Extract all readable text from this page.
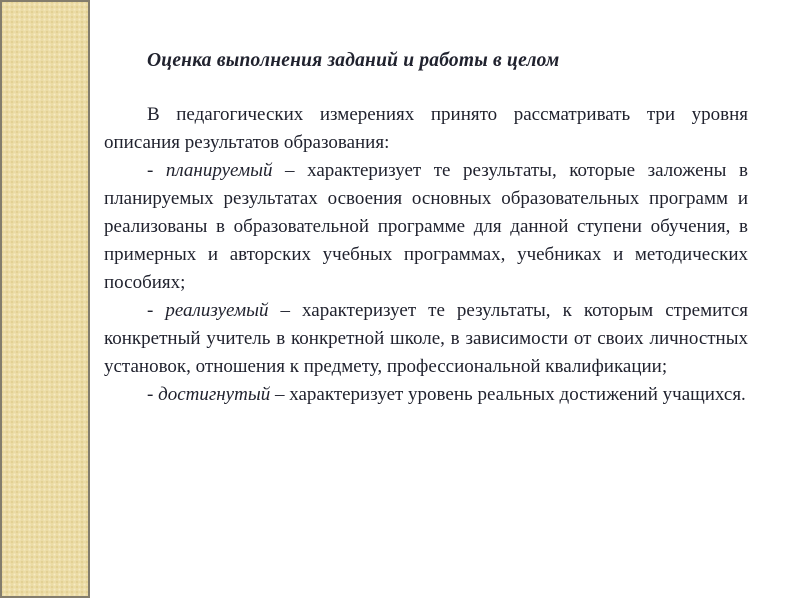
Оценка выполнения заданий и работы в целом

В педагогических измерениях принято рассматривать три уровня описания результатов образования:

- планируемый – характеризует те результаты, которые заложены в планируемых результатах освоения основных образовательных программ и реализованы в образовательной программе для данной ступени обучения, в примерных и авторских учебных программах, учебниках и методических пособиях;

- реализуемый – характеризует те результаты, к которым стремится конкретный учитель в конкретной школе, в зависимости от своих личностных установок, отношения к предмету, профессиональной квалификации;

- достигнутый – характеризует уровень реальных достижений учащихся.
